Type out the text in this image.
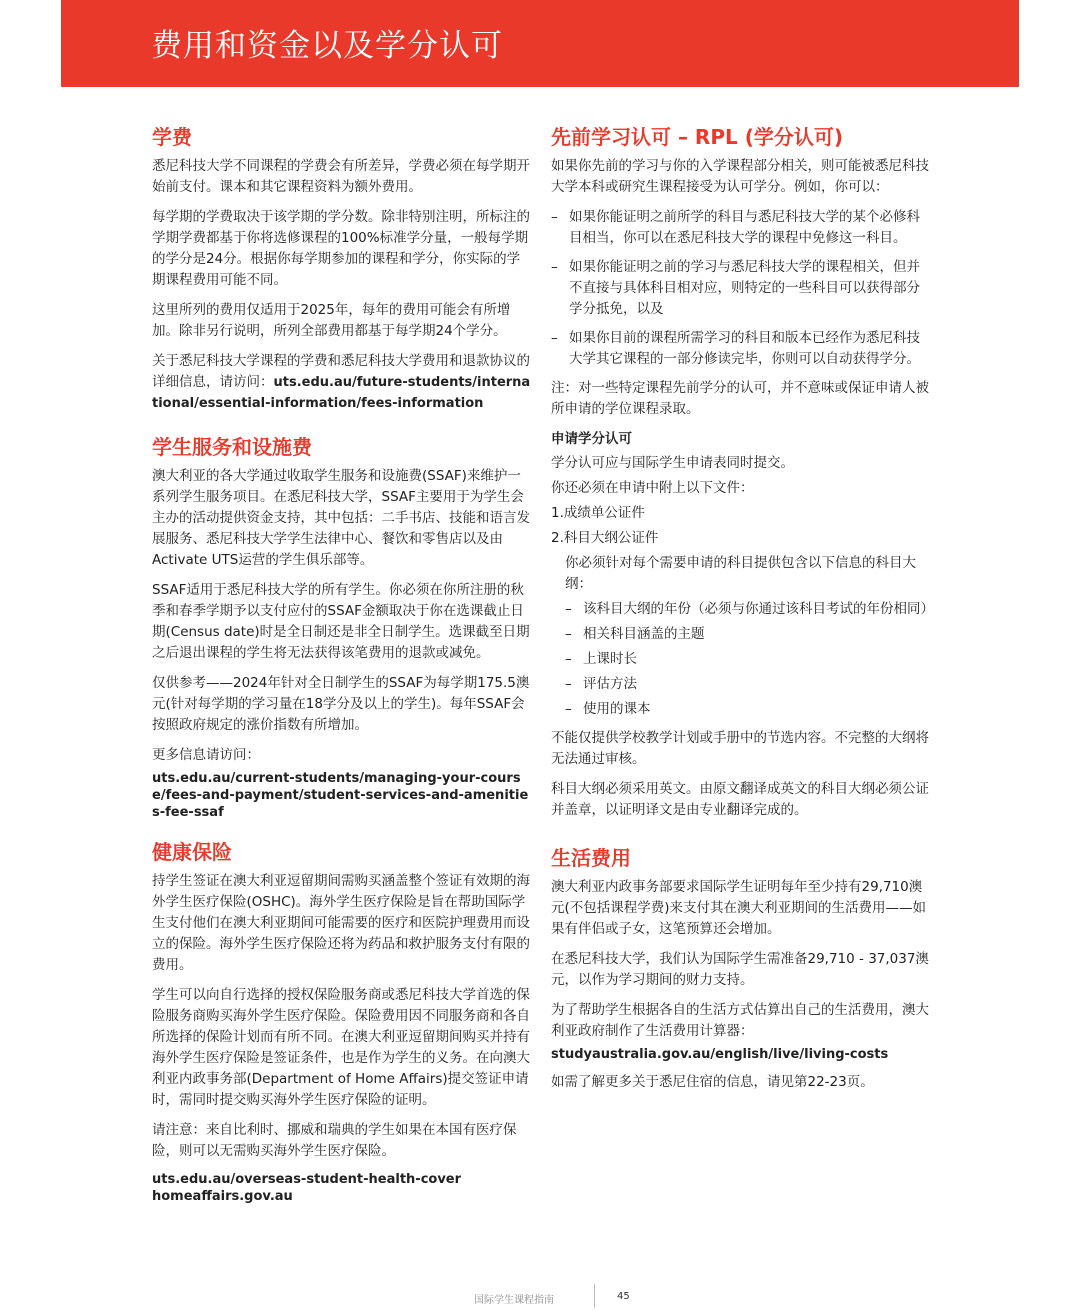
费用和资金以及学分认可
学费

悉尼科技大学不同课程的学费会有所差异，学费必须在每学期开始前支付。课本和其它课程资料为额外费用。

每学期的学费取决于该学期的学分数。除非特别注明，所标注的学期学费都基于你将选修课程的100%标准学分量，一般每学期的学分是24分。根据你每学期参加的课程和学分，你实际的学期课程费用可能不同。

这里所列的费用仅适用于2025年，每年的费用可能会有所增加。除非另行说明，所列全部费用都基于每学期24个学分。

关于悉尼科技大学课程的学费和悉尼科技大学费用和退款协议的详细信息，请访问：uts.edu.au/future-students/international/essential-information/fees-information

学生服务和设施费

澳大利亚的各大学通过收取学生服务和设施费(SSAF)来维护一系列学生服务项目。在悉尼科技大学，SSAF主要用于为学生会主办的活动提供资金支持，其中包括：二手书店、技能和语言发展服务、悉尼科技大学学生法律中心、餐饮和零售店以及由Activate UTS运营的学生俱乐部等。

SSAF适用于悉尼科技大学的所有学生。你必须在你所注册的秋季和春季学期予以支付应付的SSAF金额取决于你在选课截止日期(Census date)时是全日制还是非全日制学生。选课截至日期之后退出课程的学生将无法获得该笔费用的退款或减免。

仅供参考——2024年针对全日制学生的SSAF为每学期175.5澳元(针对每学期的学习量在18学分及以上的学生)。每年SSAF会按照政府规定的涨价指数有所增加。

更多信息请访问：

uts.edu.au/current-students/managing-your-course/fees-and-payment/student-services-and-amenities-fee-ssaf

健康保险

持学生签证在澳大利亚逗留期间需购买涵盖整个签证有效期的海外学生医疗保险(OSHC)。海外学生医疗保险是旨在帮助国际学生支付他们在澳大利亚期间可能需要的医疗和医院护理费用而设立的保险。海外学生医疗保险还将为药品和救护服务支付有限的费用。

学生可以向自行选择的授权保险服务商或悉尼科技大学首选的保险服务商购买海外学生医疗保险。保险费用因不同服务商和各自所选择的保险计划而有所不同。在澳大利亚逗留期间购买并持有海外学生医疗保险是签证条件，也是作为学生的义务。在向澳大利亚内政事务部(Department of Home Affairs)提交签证申请时，需同时提交购买海外学生医疗保险的证明。

请注意：来自比利时、挪威和瑞典的学生如果在本国有医疗保险，则可以无需购买海外学生医疗保险。

uts.edu.au/overseas-student-health-cover

homeaffairs.gov.au

先前学习认可 – RPL (学分认可)

如果你先前的学习与你的入学课程部分相关，则可能被悉尼科技大学本科或研究生课程接受为认可学分。例如，你可以：

– 如果你能证明之前所学的科目与悉尼科技大学的某个必修科目相当，你可以在悉尼科技大学的课程中免修这一科目。
– 如果你能证明之前的学习与悉尼科技大学的课程相关，但并不直接与具体科目相对应，则特定的一些科目可以获得部分学分抵免，以及
– 如果你目前的课程所需学习的科目和版本已经作为悉尼科技大学其它课程的一部分修读完毕，你则可以自动获得学分。

注：对一些特定课程先前学分的认可，并不意味或保证申请人被所申请的学位课程录取。

申请学分认可

学分认可应与国际学生申请表同时提交。

你还必须在申请中附上以下文件：

1.成绩单公证件

2.科目大纲公证件

你必须针对每个需要申请的科目提供包含以下信息的科目大纲：

– 该科目大纲的年份（必须与你通过该科目考试的年份相同）
– 相关科目涵盖的主题
– 上课时长
– 评估方法
– 使用的课本

不能仅提供学校教学计划或手册中的节选内容。不完整的大纲将无法通过审核。

科目大纲必须采用英文。由原文翻译成英文的科目大纲必须公证并盖章，以证明译文是由专业翻译完成的。

生活费用

澳大利亚内政事务部要求国际学生证明每年至少持有29,710澳元(不包括课程学费)来支付其在澳大利亚期间的生活费用——如果有伴侣或子女，这笔预算还会增加。

在悉尼科技大学，我们认为国际学生需准备29,710 - 37,037澳元，以作为学习期间的财力支持。

为了帮助学生根据各自的生活方式估算出自己的生活费用，澳大利亚政府制作了生活费用计算器：

studyaustralia.gov.au/english/live/living-costs

如需了解更多关于悉尼住宿的信息，请见第22-23页。

国际学生课程指南	45
